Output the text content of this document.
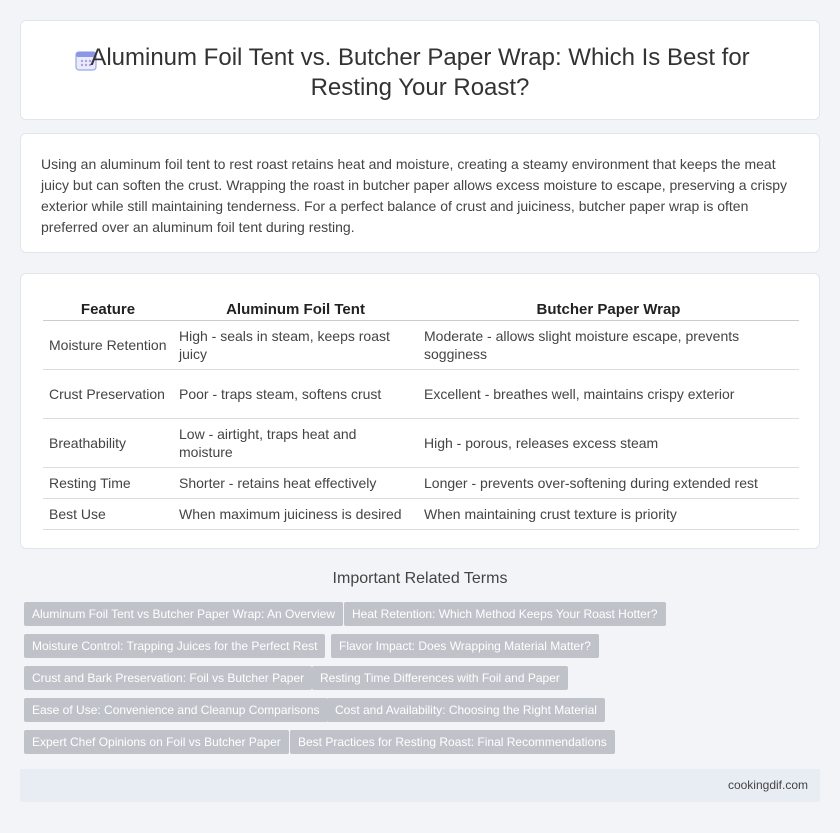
Aluminum Foil Tent vs. Butcher Paper Wrap: Which Is Best for Resting Your Roast?

Using an aluminum foil tent to rest roast retains heat and moisture, creating a steamy environment that keeps the meat juicy but can soften the crust. Wrapping the roast in butcher paper allows excess moisture to escape, preserving a crispy exterior while still maintaining tenderness. For a perfect balance of crust and juiciness, butcher paper wrap is often preferred over an aluminum foil tent during resting.

Feature	Aluminum Foil Tent	Butcher Paper Wrap
Moisture Retention	High - seals in steam, keeps roast juicy	Moderate - allows slight moisture escape, prevents sogginess
Crust Preservation	Poor - traps steam, softens crust	Excellent - breathes well, maintains crispy exterior
Breathability	Low - airtight, traps heat and moisture	High - porous, releases excess steam
Resting Time	Shorter - retains heat effectively	Longer - prevents over-softening during extended rest
Best Use	When maximum juiciness is desired	When maintaining crust texture is priority
Important Related Terms
Aluminum Foil Tent vs Butcher Paper Wrap: An Overview	Heat Retention: Which Method Keeps Your Roast Hotter?
Moisture Control: Trapping Juices for the Perfect Rest	Flavor Impact: Does Wrapping Material Matter?
Crust and Bark Preservation: Foil vs Butcher Paper	Resting Time Differences with Foil and Paper
Ease of Use: Convenience and Cleanup Comparisons	Cost and Availability: Choosing the Right Material
Expert Chef Opinions on Foil vs Butcher Paper	Best Practices for Resting Roast: Final Recommendations
cookingdif.com
